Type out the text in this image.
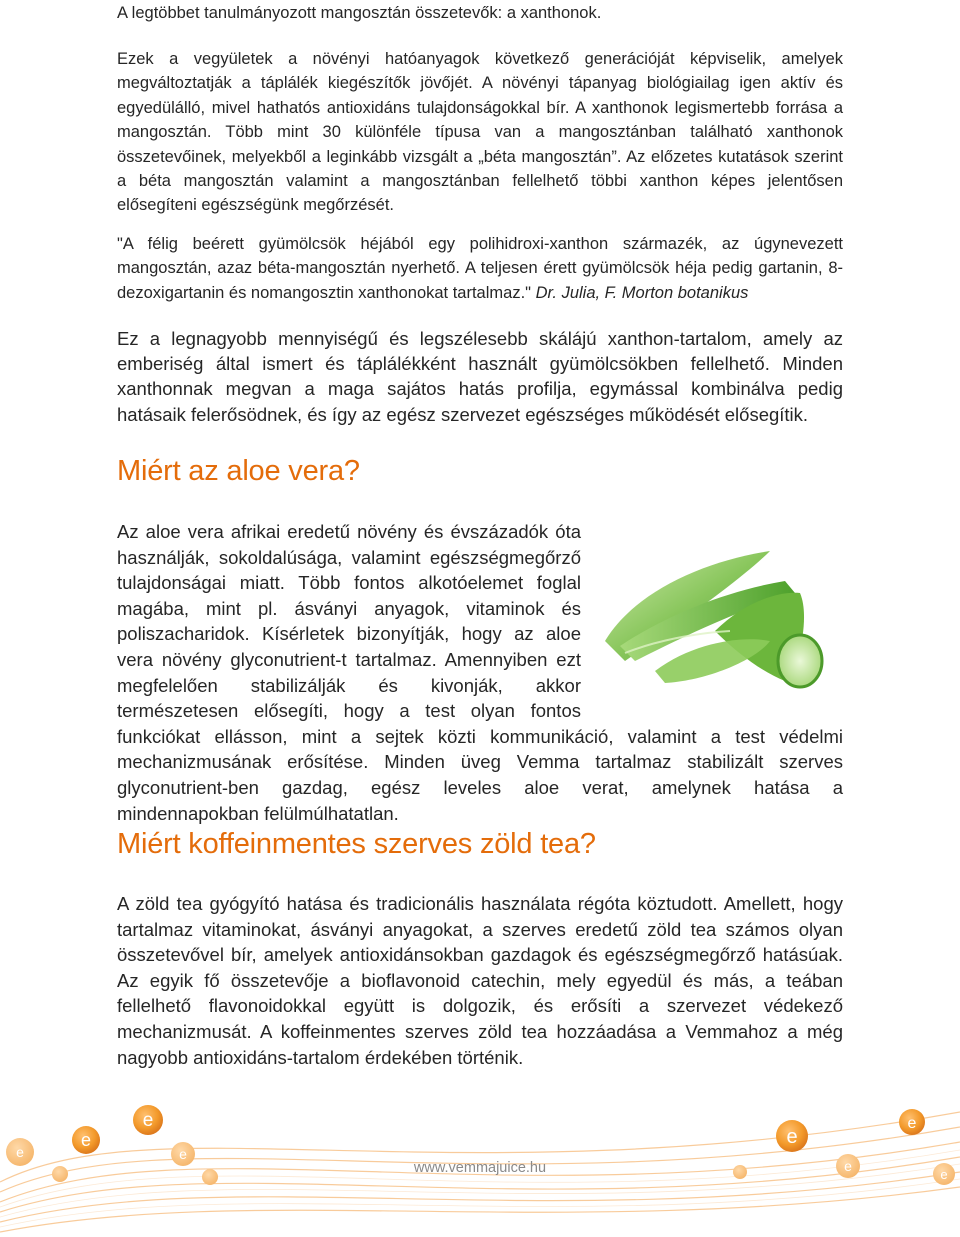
A legtöbbet tanulmányozott mangosztán összetevők: a xanthonok.

Ezek a vegyületek a növényi hatóanyagok következő generációját képviselik, amelyek megváltoztatják a táplálék kiegészítők jövőjét. A növényi tápanyag biológiailag igen aktív és egyedülálló, mivel hathatós antioxidáns tulajdonságokkal bír. A xanthonok legismertebb forrása a mangosztán. Több mint 30 különféle típusa van a mangosztánban található xanthonok összetevőinek, melyekből a leginkább vizsgált a „béta mangosztán”. Az előzetes kutatások szerint a béta mangosztán valamint a mangosztánban fellelhető többi xanthon képes jelentősen elősegíteni egészségünk megőrzését.

"A félig beérett gyümölcsök héjából egy polihidroxi-xanthon származék, az úgynevezett mangosztán, azaz béta-mangosztán nyerhető. A teljesen érett gyümölcsök héja pedig gartanin, 8-dezoxigartanin és nomangosztin xanthonokat tartalmaz." Dr. Julia, F. Morton botanikus

Ez a legnagyobb mennyiségű és legszélesebb skálájú xanthon-tartalom, amely az emberiség által ismert és táplálékként használt gyümölcsökben fellelhető. Minden xanthonnak megvan a maga sajátos hatás profilja, egymással kombinálva pedig hatásaik felerősödnek, és így az egész szervezet egészséges működését elősegítik.

Miért az aloe vera?

Az aloe vera afrikai eredetű növény és évszázadók óta használják, sokoldalúsága, valamint egészségmegőrző tulajdonságai miatt. Több fontos alkotóelemet foglal magába, mint pl. ásványi anyagok, vitaminok és poliszacharidok. Kísérletek bizonyítják, hogy az aloe vera növény glyconutrient-t tartalmaz. Amennyiben ezt megfelelően stabilizálják és kivonják, akkor természetesen elősegíti, hogy a test olyan fontos funkciókat ellásson, mint a sejtek közti kommunikáció, valamint a test védelmi mechanizmusának erősítése. Minden üveg Vemma tartalmaz stabilizált szerves glyconutrient-ben gazdag, egész leveles aloe verat, amelynek hatása a mindennapokban felülmúlhatatlan.

Miért koffeinmentes szerves zöld tea?

A zöld tea gyógyító hatása és tradicionális használata régóta köztudott. Amellett, hogy tartalmaz vitaminokat, ásványi anyagokat, a szerves eredetű zöld tea számos olyan összetevővel bír, amelyek antioxidánsokban gazdagok és egészségmegőrző hatásúak. Az egyik fő összetevője a bioflavonoid catechin, mely egyedül és más, a teában fellelhető flavonoidokkal együtt is dolgozik, és erősíti a szervezet védekező mechanizmusát. A koffeinmentes szerves zöld tea hozzáadása a Vemmahoz a még nagyobb antioxidáns-tartalom érdekében történik.

e
e
e
e
e
e
e
e
www.vemmajuice.hu
